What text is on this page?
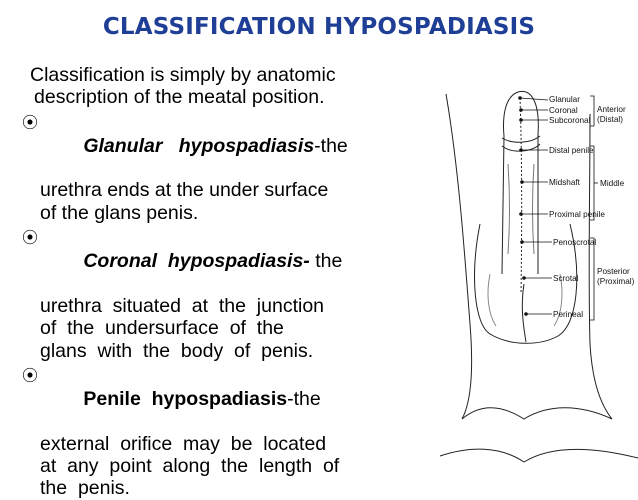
CLASSIFICATION HYPOSPADIASIS
Classification is simply by anatomic
description of the meatal position.

⦿
Glanular   hypospadiasis-the

urethra ends at the under surface
of the glans penis.

⦿
Coronal  hypospadiasis- the

urethra  situated  at  the  junction
of  the  undersurface  of  the
glans  with  the  body  of  penis.

⦿
Penile  hypospadiasis-the

external  orifice  may  be  located
at  any  point  along  the  length  of
the  penis.
Glanular
Coronal
Subcoronal
Distal penile
Midshaft
Proximal penile
Penoscrotal
Scrotal
Perineal
Anterior
(Distal)
Middle
Posterior
(Proximal)
